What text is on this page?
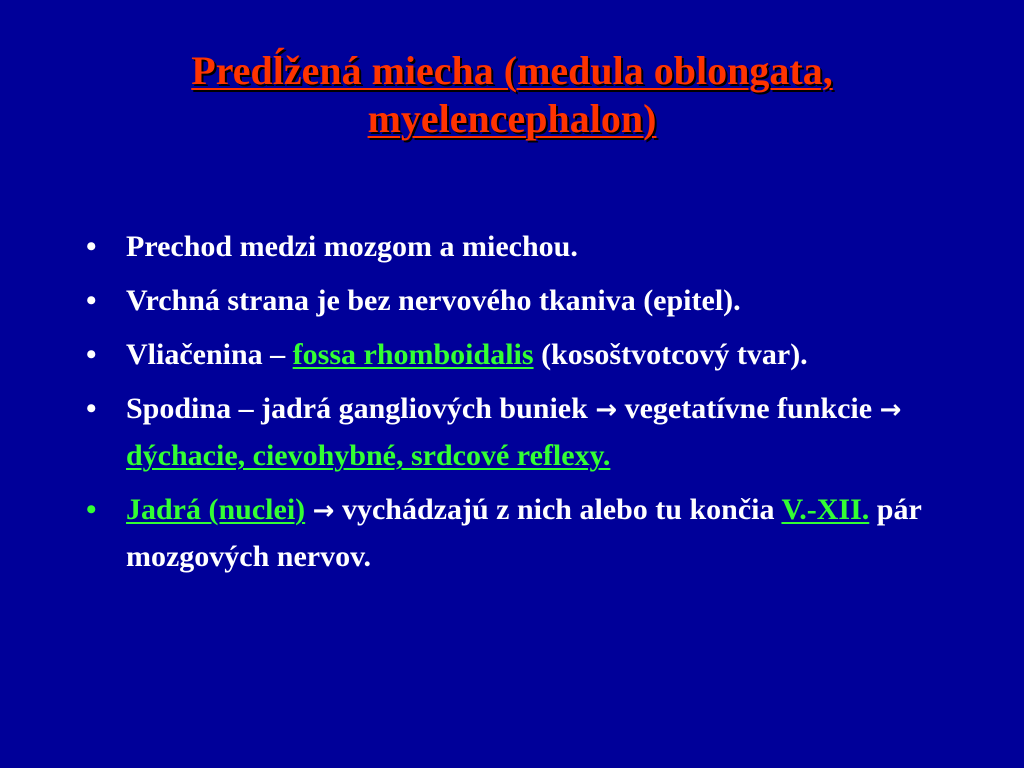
Predĺžená miecha (medula oblongata,
myelencephalon)
• Prechod medzi mozgom a miechou.
• Vrchná strana je bez nervového tkaniva (epitel).
• Vliačenina – fossa rhomboidalis (kosoštvotcový tvar).
• Spodina – jadrá gangliových buniek → vegetatívne funkcie → dýchacie, cievohybné, srdcové reflexy.
• Jadrá (nuclei) → vychádzajú z nich alebo tu končia V.-XII. pár mozgových nervov.
